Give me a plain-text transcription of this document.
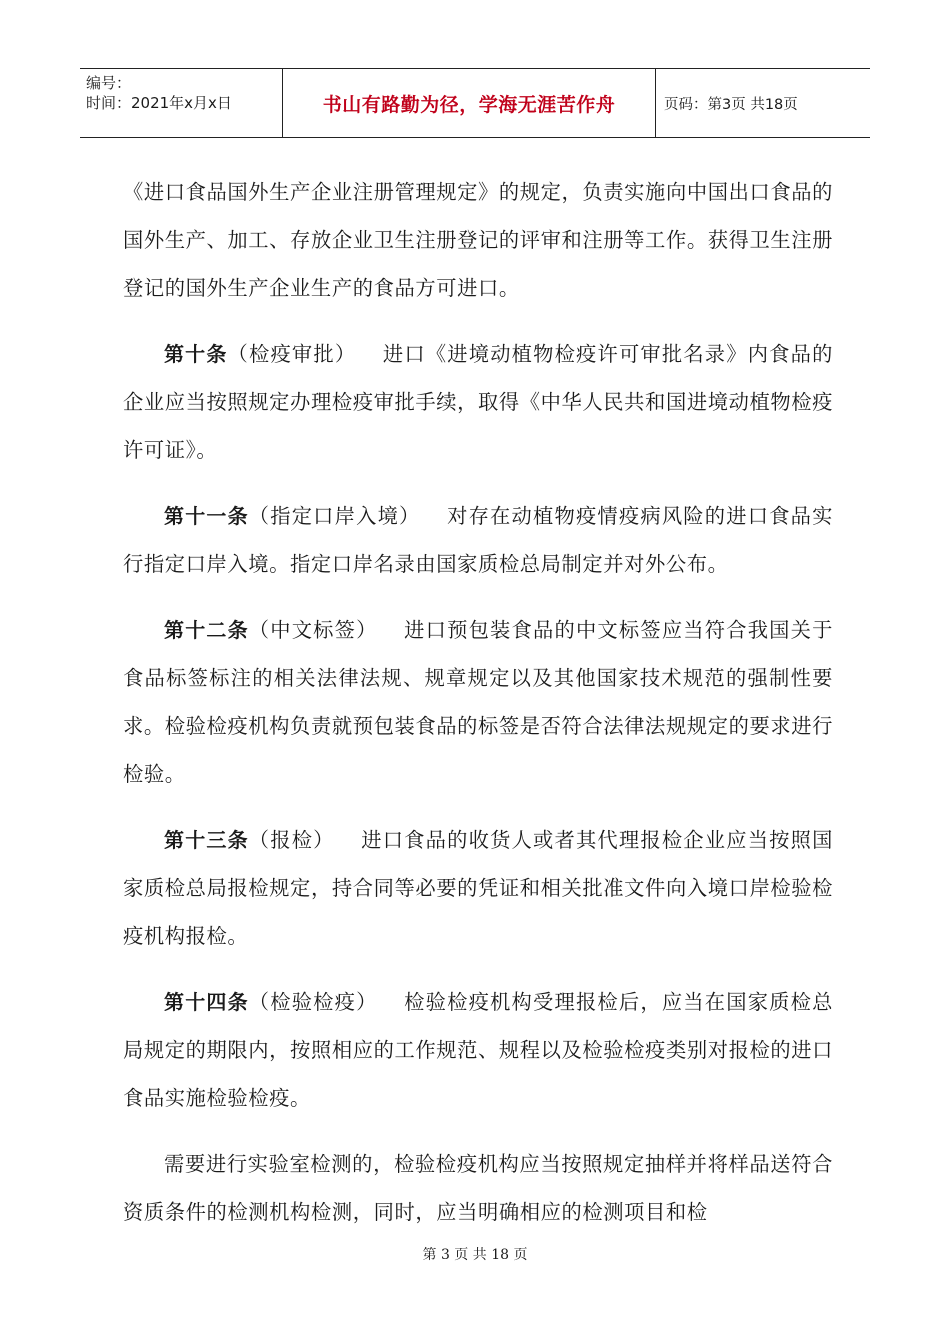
编号：
时间：2021年x月x日	书山有路勤为径，学海无涯苦作舟	页码：第3页 共18页

《进口食品国外生产企业注册管理规定》的规定，负责实施向中国出口食品的国外生产、加工、存放企业卫生注册登记的评审和注册等工作。获得卫生注册登记的国外生产企业生产的食品方可进口。

第十条（检疫审批） 进口《进境动植物检疫许可审批名录》内食品的企业应当按照规定办理检疫审批手续，取得《中华人民共和国进境动植物检疫许可证》。

第十一条（指定口岸入境） 对存在动植物疫情疫病风险的进口食品实行指定口岸入境。指定口岸名录由国家质检总局制定并对外公布。

第十二条（中文标签） 进口预包装食品的中文标签应当符合我国关于食品标签标注的相关法律法规、规章规定以及其他国家技术规范的强制性要求。检验检疫机构负责就预包装食品的标签是否符合法律法规规定的要求进行检验。

第十三条（报检） 进口食品的收货人或者其代理报检企业应当按照国家质检总局报检规定，持合同等必要的凭证和相关批准文件向入境口岸检验检疫机构报检。

第十四条（检验检疫） 检验检疫机构受理报检后，应当在国家质检总局规定的期限内，按照相应的工作规范、规程以及检验检疫类别对报检的进口食品实施检验检疫。

需要进行实验室检测的，检验检疫机构应当按照规定抽样并将样品送符合资质条件的检测机构检测，同时，应当明确相应的检测项目和检

第 3 页 共 18 页
